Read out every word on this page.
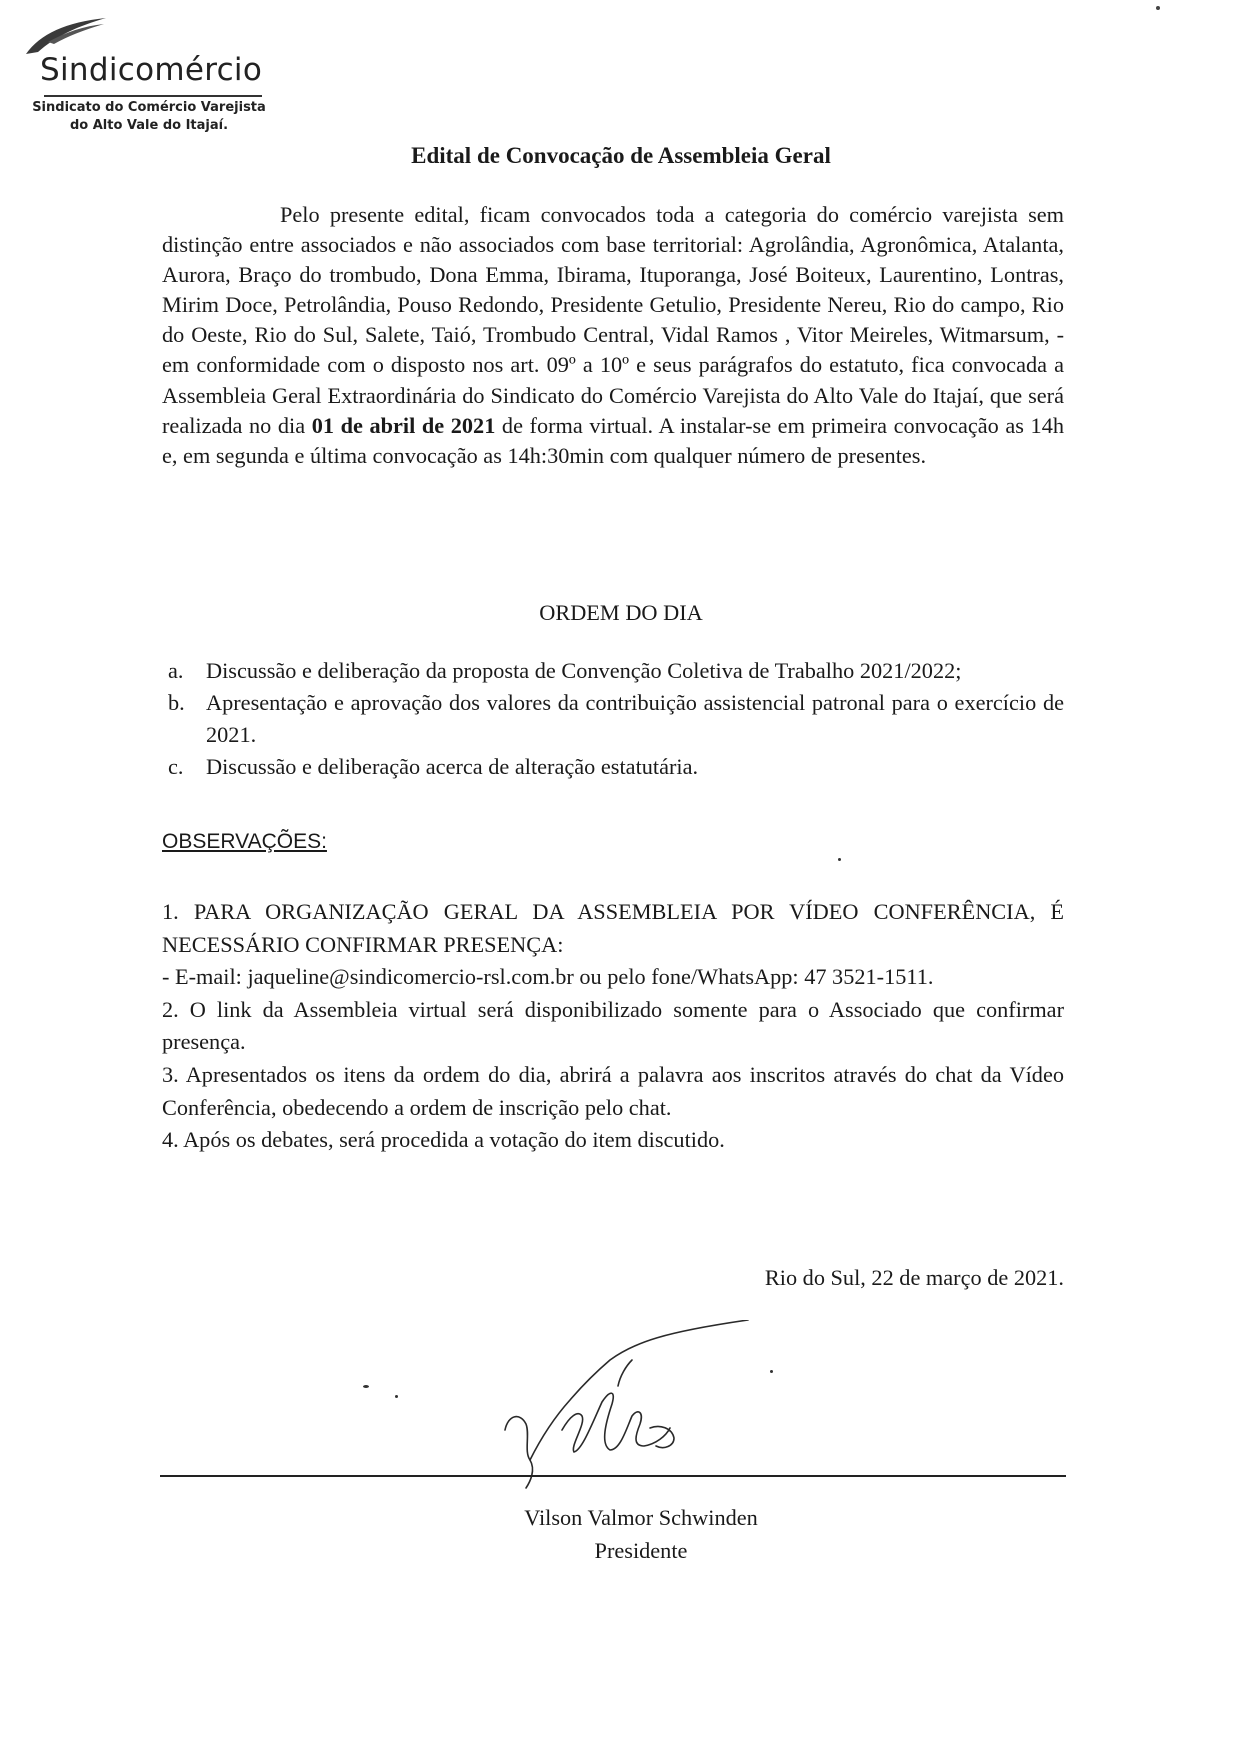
Sindicomércio
Sindicato do Comércio Varejista
do Alto Vale do Itajaí.
Edital de Convocação de Assembleia Geral
Pelo presente edital, ficam convocados toda a categoria do comércio varejista sem distinção entre associados e não associados com base territorial: Agrolândia, Agronômica, Atalanta, Aurora, Braço do trombudo, Dona Emma, Ibirama, Ituporanga, José Boiteux, Laurentino, Lontras, Mirim Doce, Petrolândia, Pouso Redondo, Presidente Getulio, Presidente Nereu, Rio do campo, Rio do Oeste, Rio do Sul, Salete, Taió, Trombudo Central, Vidal Ramos , Vitor Meireles, Witmarsum, - em conformidade com o disposto nos art. 09º a 10º e seus parágrafos do estatuto, fica convocada a Assembleia Geral Extraordinária do Sindicato do Comércio Varejista do Alto Vale do Itajaí, que será realizada no dia 01 de abril de 2021 de forma virtual. A instalar-se em primeira convocação as 14h e, em segunda e última convocação as 14h:30min com qualquer número de presentes.
ORDEM DO DIA
a. Discussão e deliberação da proposta de Convenção Coletiva de Trabalho 2021/2022;
b. Apresentação e aprovação dos valores da contribuição assistencial patronal para o exercício de 2021.
c. Discussão e deliberação acerca de alteração estatutária.
OBSERVAÇÕES:

1. PARA ORGANIZAÇÃO GERAL DA ASSEMBLEIA POR VÍDEO CONFERÊNCIA, É NECESSÁRIO CONFIRMAR PRESENÇA:

- E-mail: jaqueline@sindicomercio-rsl.com.br ou pelo fone/WhatsApp: 47 3521-1511.

2. O link da Assembleia virtual será disponibilizado somente para o Associado que confirmar presença.

3. Apresentados os itens da ordem do dia, abrirá a palavra aos inscritos através do chat da Vídeo Conferência, obedecendo a ordem de inscrição pelo chat.

4. Após os debates, será procedida a votação do item discutido.

Rio do Sul, 22 de março de 2021.
Vilson Valmor Schwinden
Presidente
